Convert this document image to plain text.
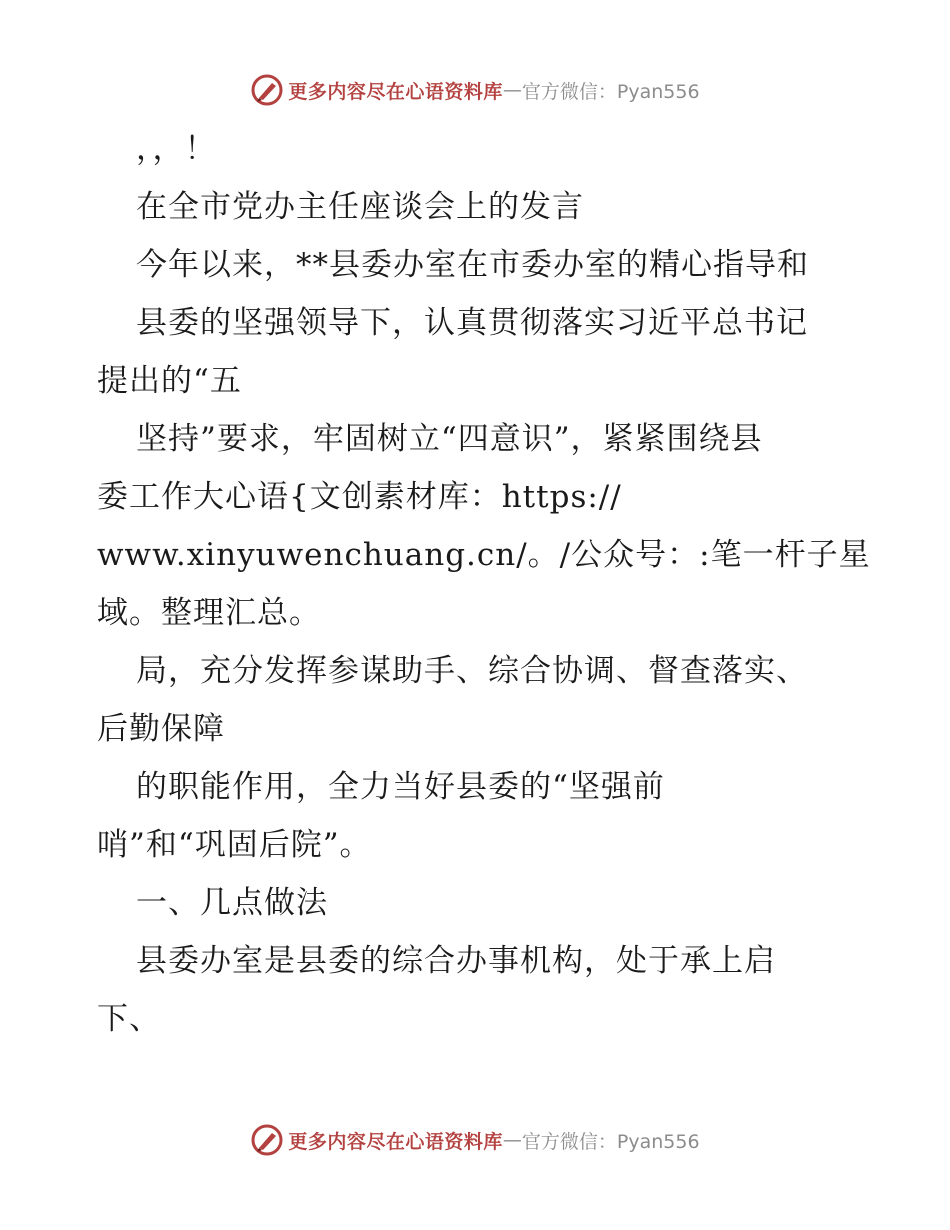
更多内容尽在心语资料库 — 官方微信：Pyan556
，，！
在全市党办主任座谈会上的发言
今年以来，**县委办室在市委办室的精心指导和
县委的坚强领导下，认真贯彻落实习近平总书记
提出的“五
坚持”要求，牢固树立“四意识”，紧紧围绕县
委工作大心语{文创素材库：https://
www.xinyuwenchuang.cn/。/公众号：:笔一杆子星
域。整理汇总。
局，充分发挥参谋助手、综合协调、督查落实、
后勤保障
的职能作用，全力当好县委的“坚强前
哨”和“巩固后院”。
一、几点做法
县委办室是县委的综合办事机构，处于承上启
下、
更多内容尽在心语资料库 — 官方微信：Pyan556
